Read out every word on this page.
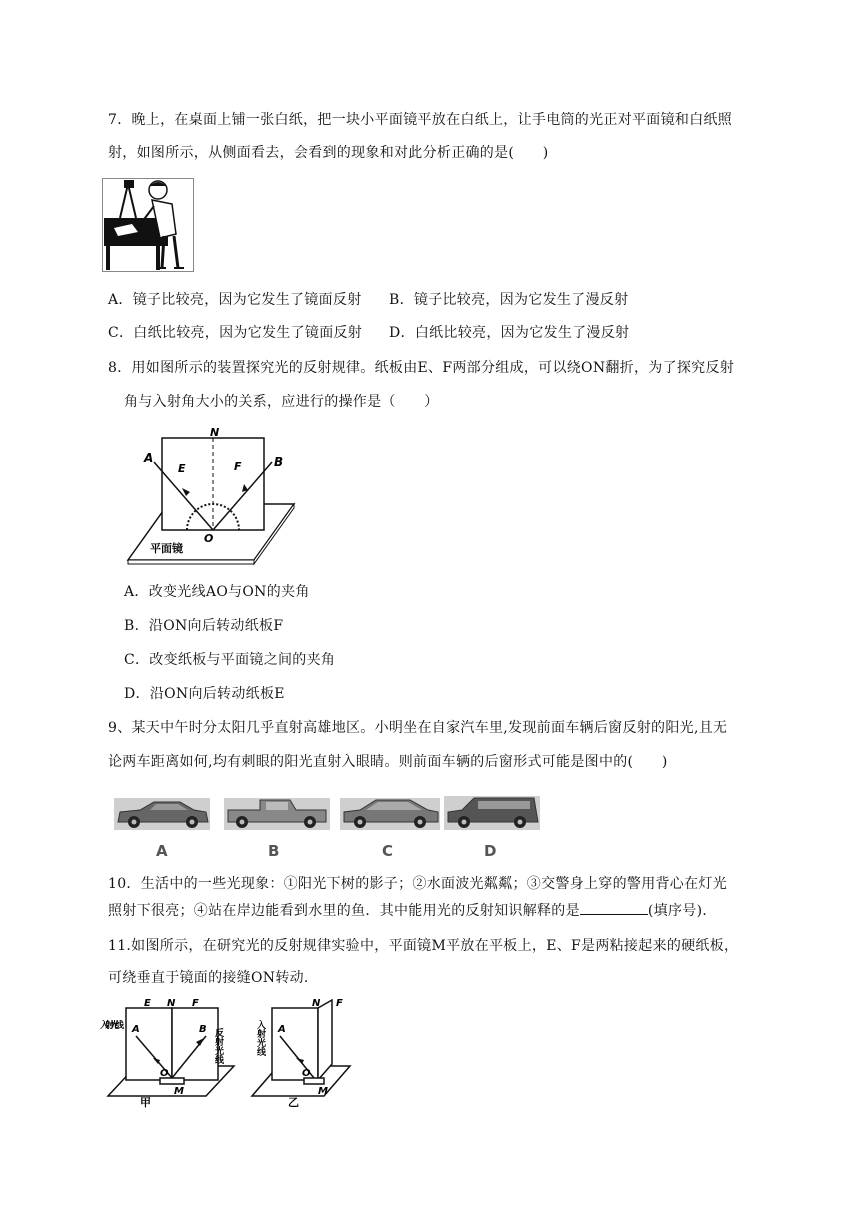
7．晚上，在桌面上铺一张白纸，把一块小平面镜平放在白纸上，让手电筒的光正对平面镜和白纸照
射，如图所示，从侧面看去，会看到的现象和对此分析正确的是(　　)
A．镜子比较亮，因为它发生了镜面反射 B．镜子比较亮，因为它发生了漫反射
C．白纸比较亮，因为它发生了镜面反射 D．白纸比较亮，因为它发生了漫反射
8．用如图所示的装置探究光的反射规律。纸板由E、F两部分组成，可以绕ON翻折，为了探究反射
角与入射角大小的关系，应进行的操作是（　　）
N
A
E	F	B
O
平面镜
A．改变光线AO与ON的夹角
B．沿ON向后转动纸板F
C．改变纸板与平面镜之间的夹角
D．沿ON向后转动纸板E
9、某天中午时分太阳几乎直射高雄地区。小明坐在自家汽车里,发现前面车辆后窗反射的阳光,且无
论两车距离如何,均有刺眼的阳光直射入眼睛。则前面车辆的后窗形式可能是图中的(　　)
A	B	C	D
10．生活中的一些光现象：①阳光下树的影子；②水面波光粼粼；③交警身上穿的警用背心在灯光
照射下很亮；④站在岸边能看到水里的鱼．其中能用光的反射知识解释的是	(填序号)．
11.如图所示，在研究光的反射规律实验中，平面镜M平放在平板上，E、F是两粘接起来的硬纸板，
可绕垂直于镜面的接缝ON转动.
E N F
A	B
O
M
入射光线
反射光线
甲
N F
A
O
M
入射光线
乙
